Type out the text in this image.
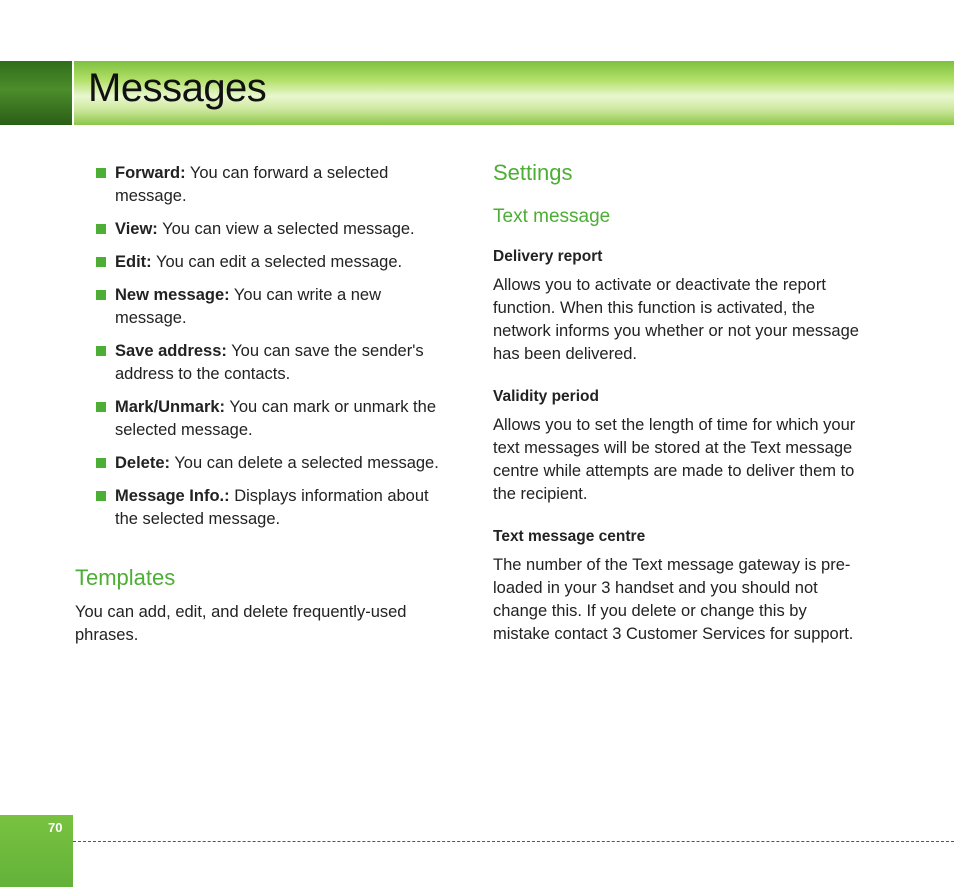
Messages
Forward: You can forward a selected message.
View: You can view a selected message.
Edit: You can edit a selected message.
New message: You can write a new message.
Save address: You can save the sender's address to the contacts.
Mark/Unmark: You can mark or unmark the selected message.
Delete: You can delete a selected message.
Message Info.: Displays information about the selected message.
Templates

You can add, edit, and delete frequently-used phrases.

Settings
Text message
Delivery report

Allows you to activate or deactivate the report function. When this function is activated, the network informs you whether or not your message has been delivered.

Validity period

Allows you to set the length of time for which your text messages will be stored at the Text message centre while attempts are made to deliver them to the recipient.

Text message centre

The number of the Text message gateway is pre-loaded in your 3 handset and you should not change this. If you delete or change this by mistake contact 3 Customer Services for support.

70
